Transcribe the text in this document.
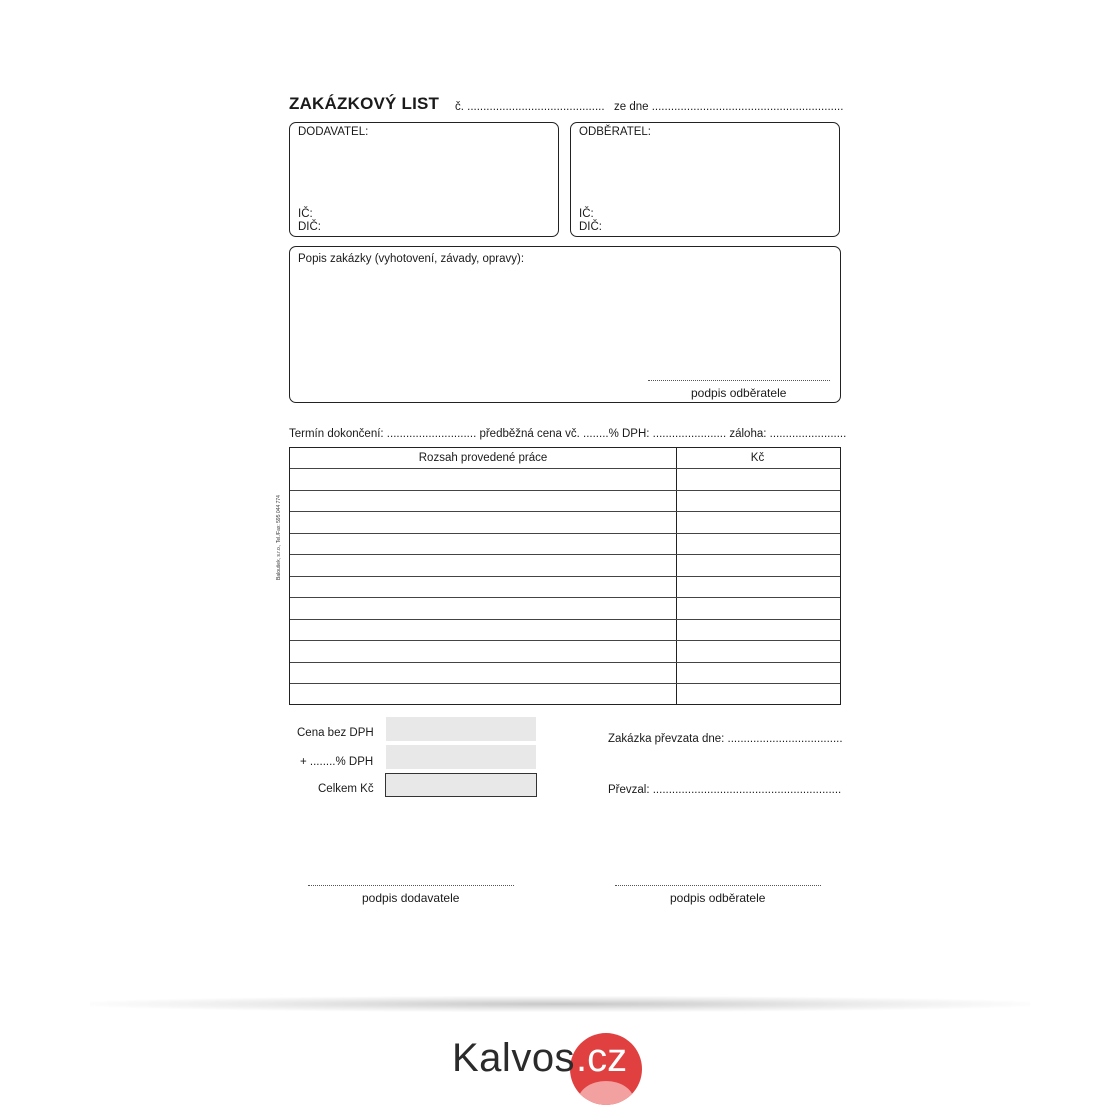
ZAKÁZKOVÝ LIST č. ........................................... ze dne ............................................................
DODAVATEL:
IČ:
DIČ:
ODBĚRATEL:
IČ:
DIČ:
Popis zakázky (vyhotovení, závady, opravy):
podpis odběratele
Termín dokončení: ............................ předběžná cena vč. ........% DPH: ....................... záloha: ........................
Baloušek, s.r.o., Tel./Fax: 595 044 774
Rozsah provedené práce	Kč
Cena bez DPH
+ ........% DPH
Celkem Kč
Zakázka převzata dne: ....................................
Převzal: ...........................................................
podpis dodavatele	podpis odběratele
Kalvos .cz
